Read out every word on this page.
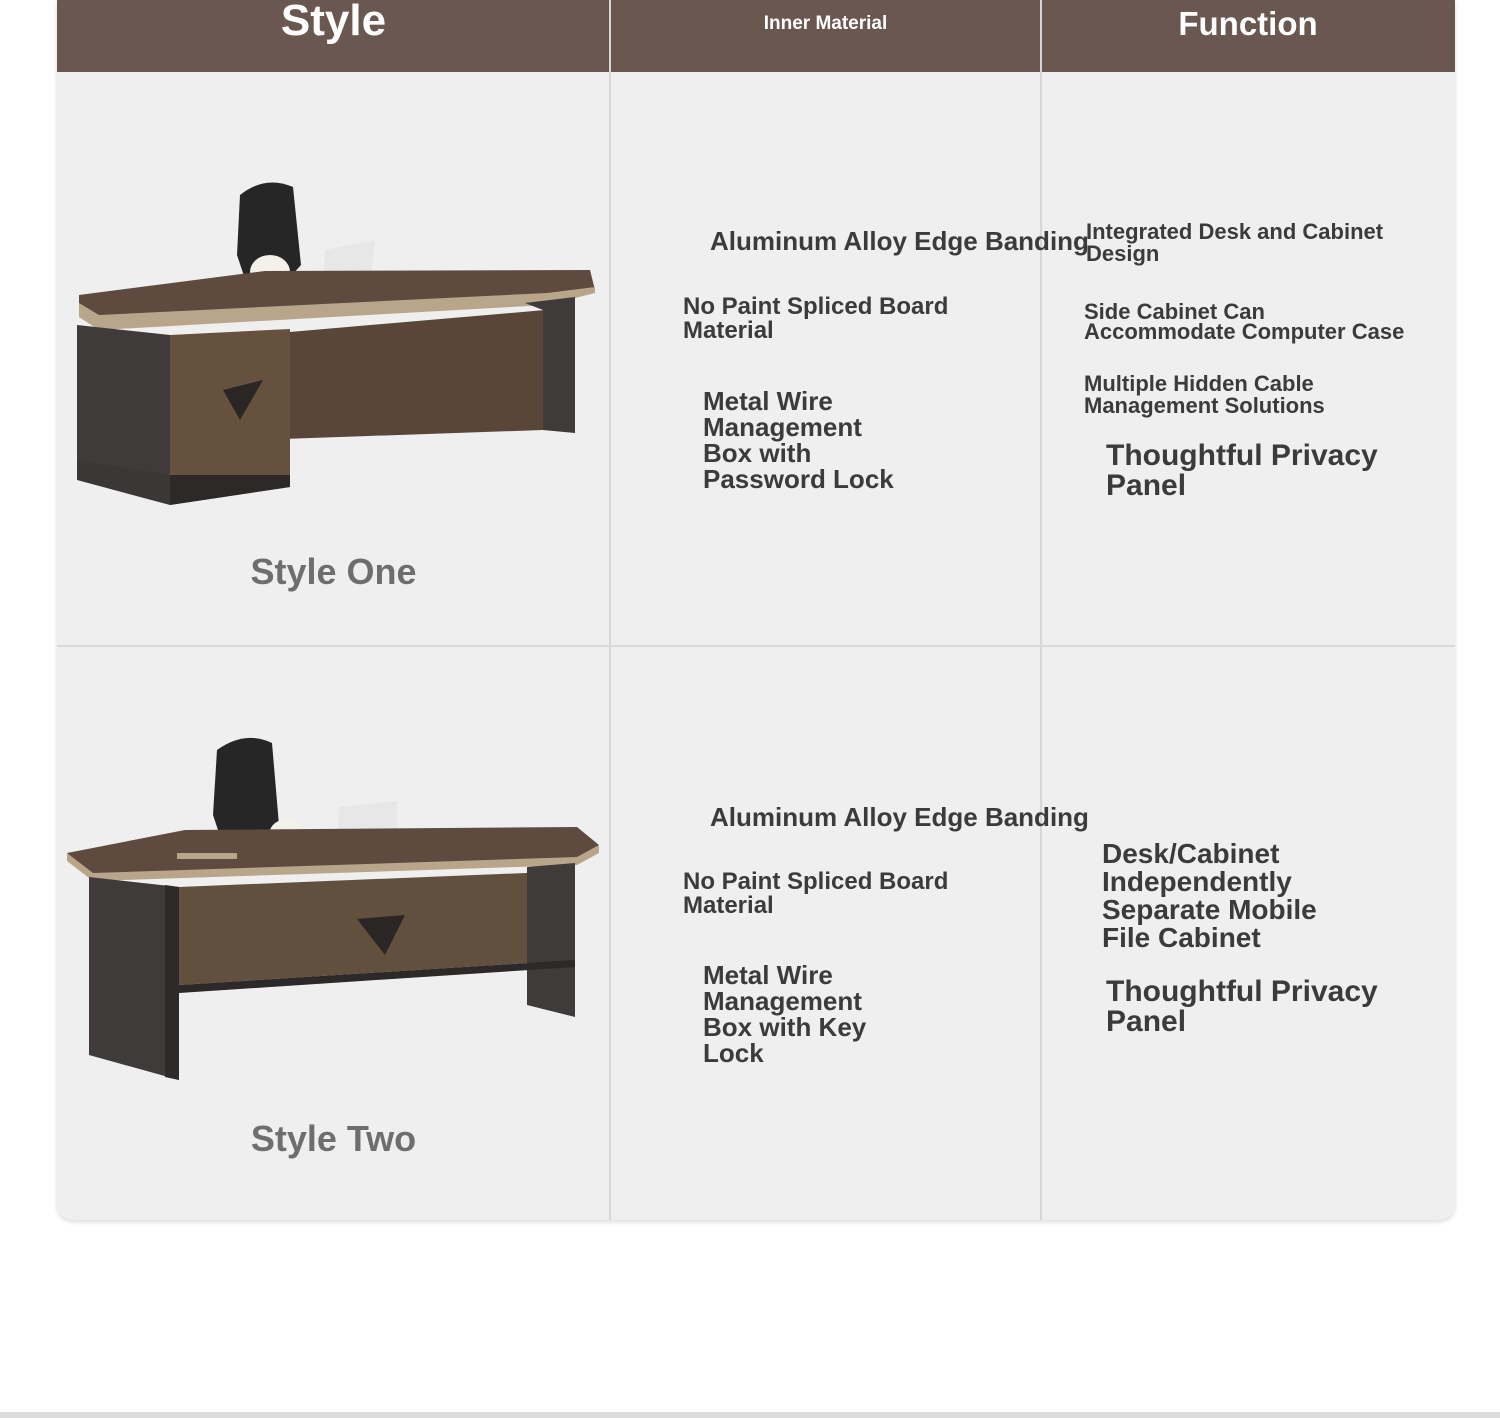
Style	Inner Material	Function
Style One
Aluminum Alloy Edge Banding
No Paint Spliced Board Material
Metal Wire Management Box with Password Lock
Integrated Desk and Cabinet Design
Side Cabinet Can Accommodate Computer Case
Multiple Hidden Cable Management Solutions
Thoughtful Privacy Panel
Style Two
Aluminum Alloy Edge Banding
No Paint Spliced Board Material
Metal Wire Management Box with Key Lock
Desk/Cabinet Independently Separate Mobile File Cabinet
Thoughtful Privacy Panel
